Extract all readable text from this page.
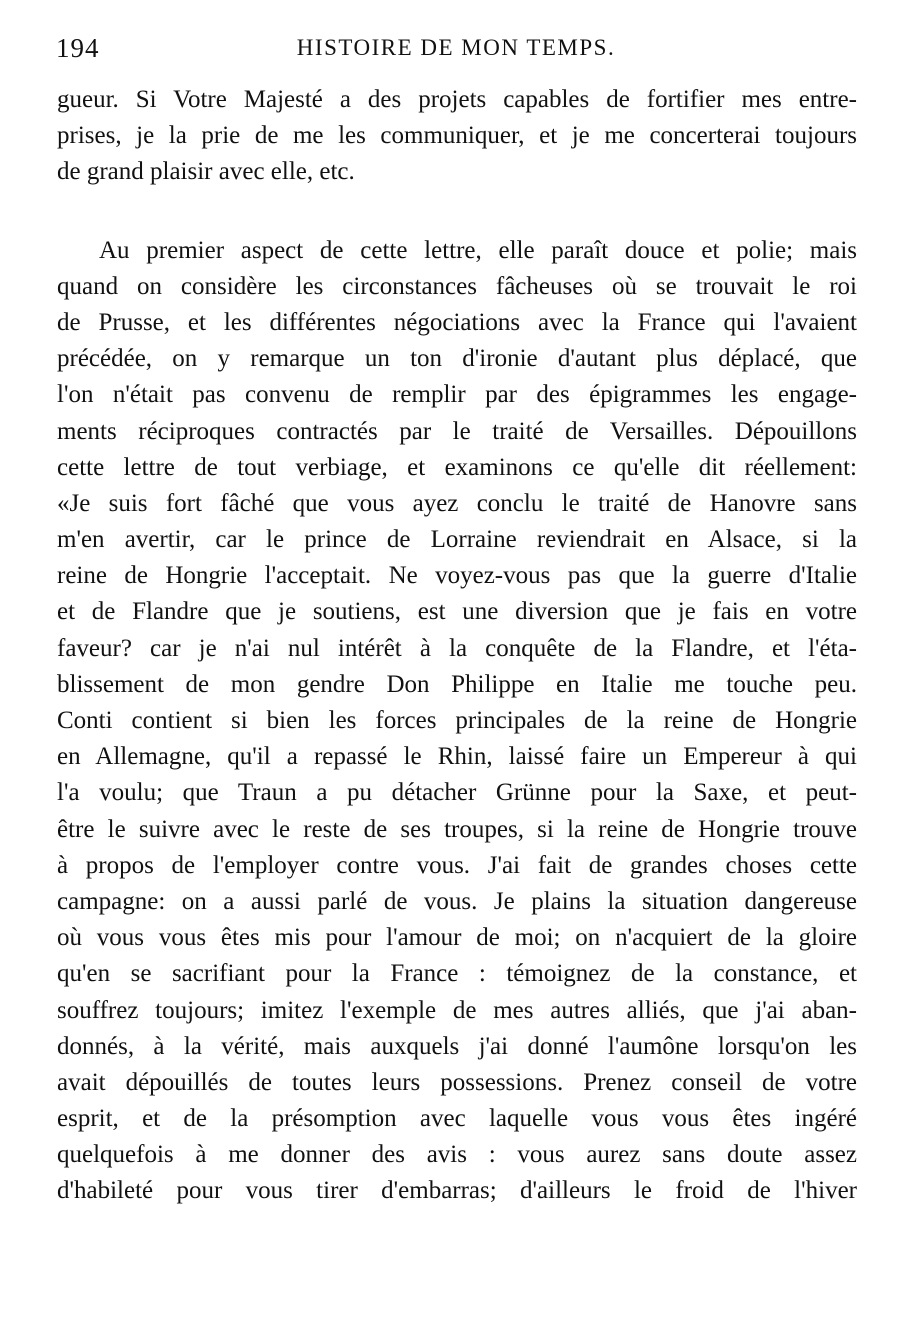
194	HISTOIRE DE MON TEMPS.
gueur. Si Votre Majesté a des projets capables de fortifier mes entre-
prises, je la prie de me les communiquer, et je me concerterai toujours
de grand plaisir avec elle, etc.
Au premier aspect de cette lettre, elle paraît douce et polie; mais
quand on considère les circonstances fâcheuses où se trouvait le roi
de Prusse, et les différentes négociations avec la France qui l'avaient
précédée, on y remarque un ton d'ironie d'autant plus déplacé, que
l'on n'était pas convenu de remplir par des épigrammes les engage-
ments réciproques contractés par le traité de Versailles. Dépouillons
cette lettre de tout verbiage, et examinons ce qu'elle dit réellement:
«Je suis fort fâché que vous ayez conclu le traité de Hanovre sans
m'en avertir, car le prince de Lorraine reviendrait en Alsace, si la
reine de Hongrie l'acceptait. Ne voyez-vous pas que la guerre d'Italie
et de Flandre que je soutiens, est une diversion que je fais en votre
faveur? car je n'ai nul intérêt à la conquête de la Flandre, et l'éta-
blissement de mon gendre Don Philippe en Italie me touche peu.
Conti contient si bien les forces principales de la reine de Hongrie
en Allemagne, qu'il a repassé le Rhin, laissé faire un Empereur à qui
l'a voulu; que Traun a pu détacher Grünne pour la Saxe, et peut-
être le suivre avec le reste de ses troupes, si la reine de Hongrie trouve
à propos de l'employer contre vous. J'ai fait de grandes choses cette
campagne: on a aussi parlé de vous. Je plains la situation dangereuse
où vous vous êtes mis pour l'amour de moi; on n'acquiert de la gloire
qu'en se sacrifiant pour la France : témoignez de la constance, et
souffrez toujours; imitez l'exemple de mes autres alliés, que j'ai aban-
donnés, à la vérité, mais auxquels j'ai donné l'aumône lorsqu'on les
avait dépouillés de toutes leurs possessions. Prenez conseil de votre
esprit, et de la présomption avec laquelle vous vous êtes ingéré
quelquefois à me donner des avis : vous aurez sans doute assez
d'habileté pour vous tirer d'embarras; d'ailleurs le froid de l'hiver
